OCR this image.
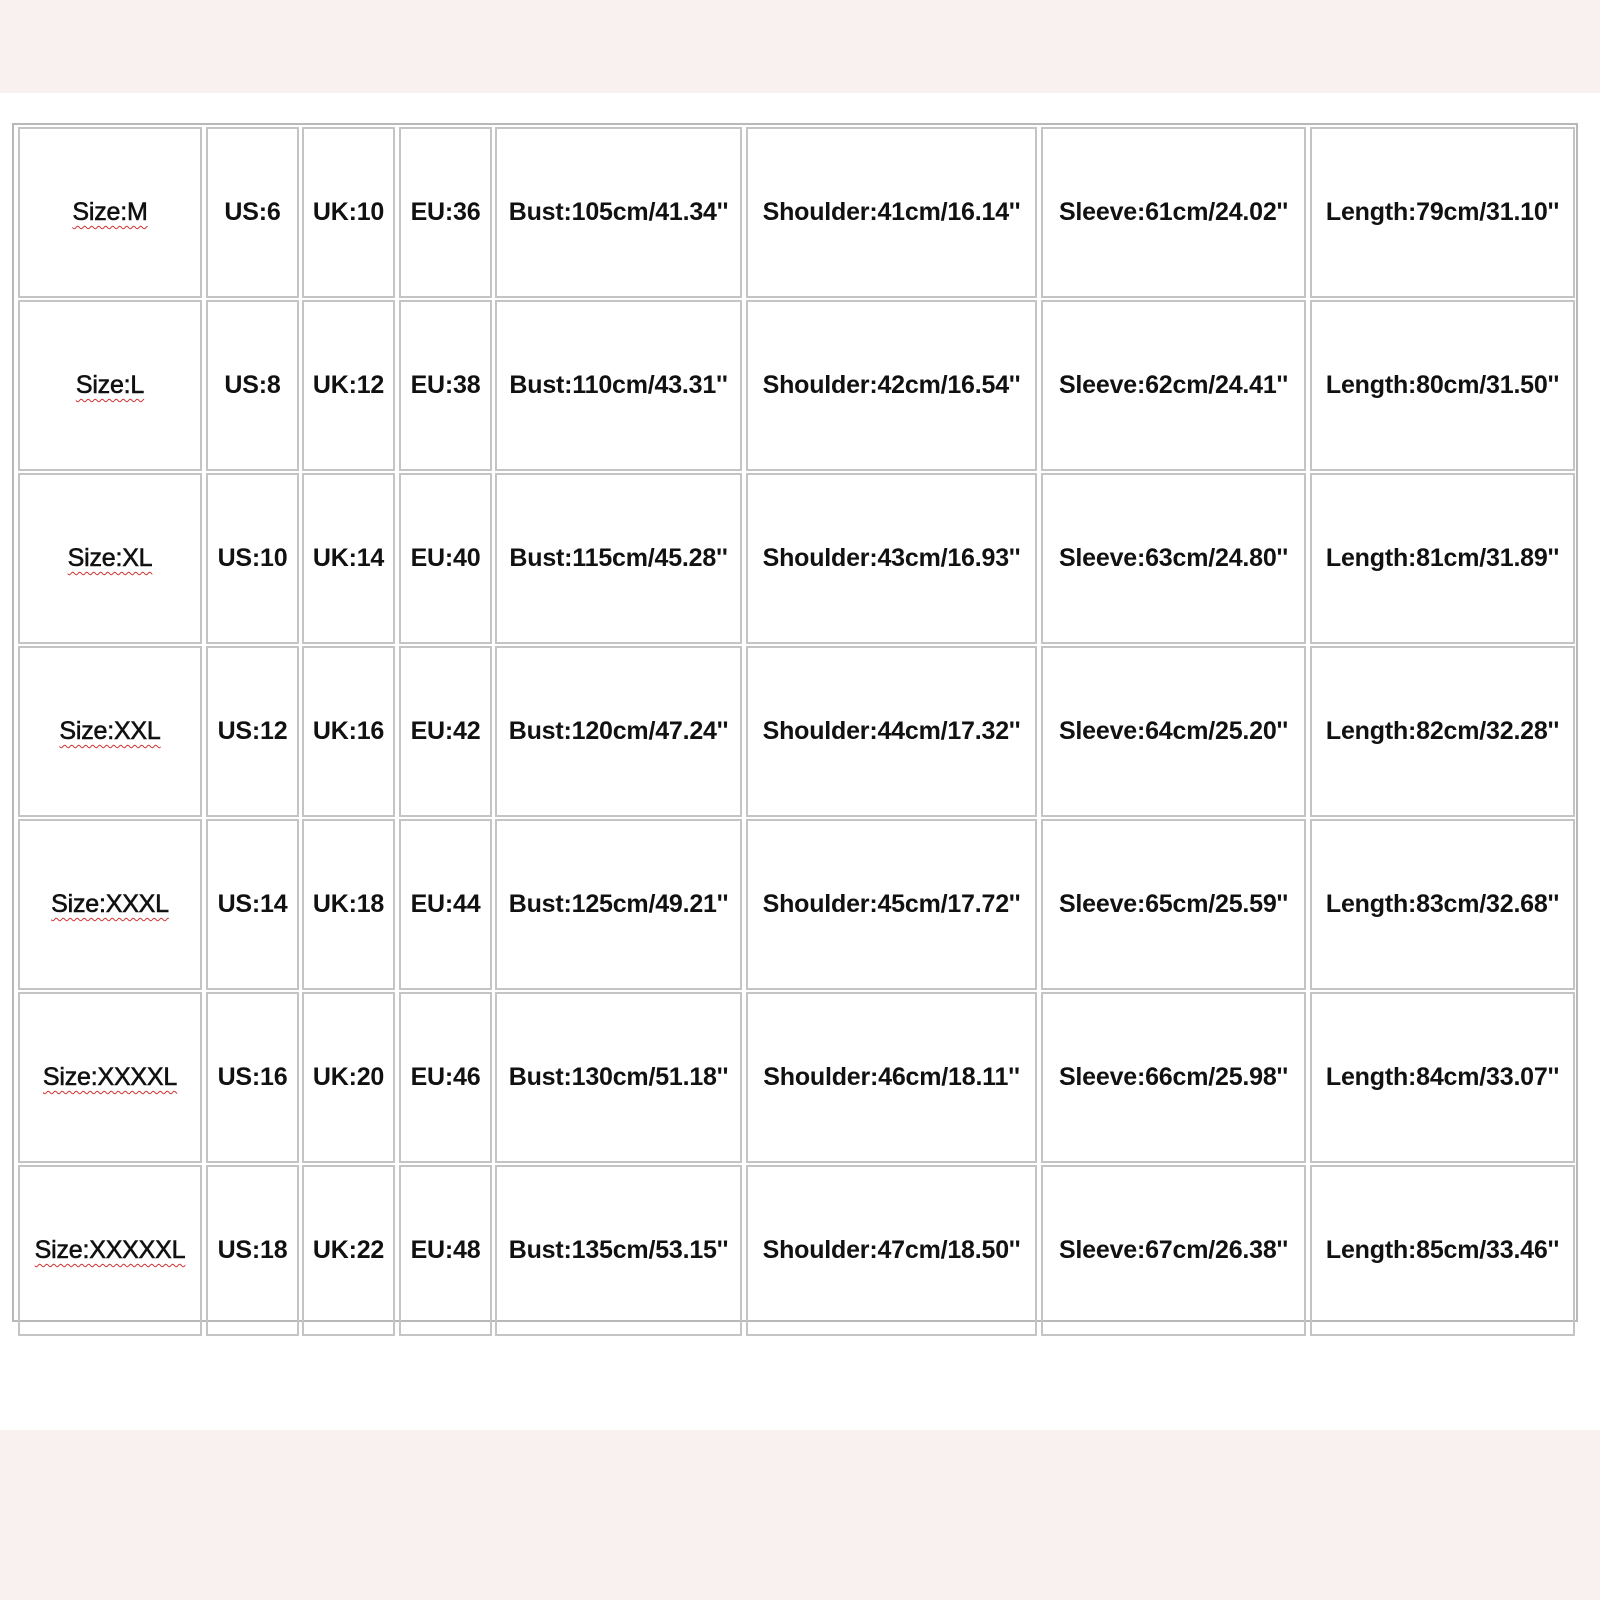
Size:M	US:6 UK:10 EU:36 Bust:105cm/41.34'' Shoulder:41cm/16.14'' Sleeve:61cm/24.02'' Length:79cm/31.10''
Size:L	US:8 UK:12 EU:38 Bust:110cm/43.31'' Shoulder:42cm/16.54'' Sleeve:62cm/24.41'' Length:80cm/31.50''
Size:XL	US:10 UK:14 EU:40 Bust:115cm/45.28'' Shoulder:43cm/16.93'' Sleeve:63cm/24.80'' Length:81cm/31.89''
Size:XXL US:12 UK:16 EU:42 Bust:120cm/47.24'' Shoulder:44cm/17.32'' Sleeve:64cm/25.20'' Length:82cm/32.28''
Size:XXXL US:14 UK:18 EU:44 Bust:125cm/49.21'' Shoulder:45cm/17.72'' Sleeve:65cm/25.59'' Length:83cm/32.68''
Size:XXXXL US:16 UK:20 EU:46 Bust:130cm/51.18'' Shoulder:46cm/18.11'' Sleeve:66cm/25.98'' Length:84cm/33.07''
Size:XXXXXL US:18 UK:22 EU:48 Bust:135cm/53.15'' Shoulder:47cm/18.50'' Sleeve:67cm/26.38'' Length:85cm/33.46''
